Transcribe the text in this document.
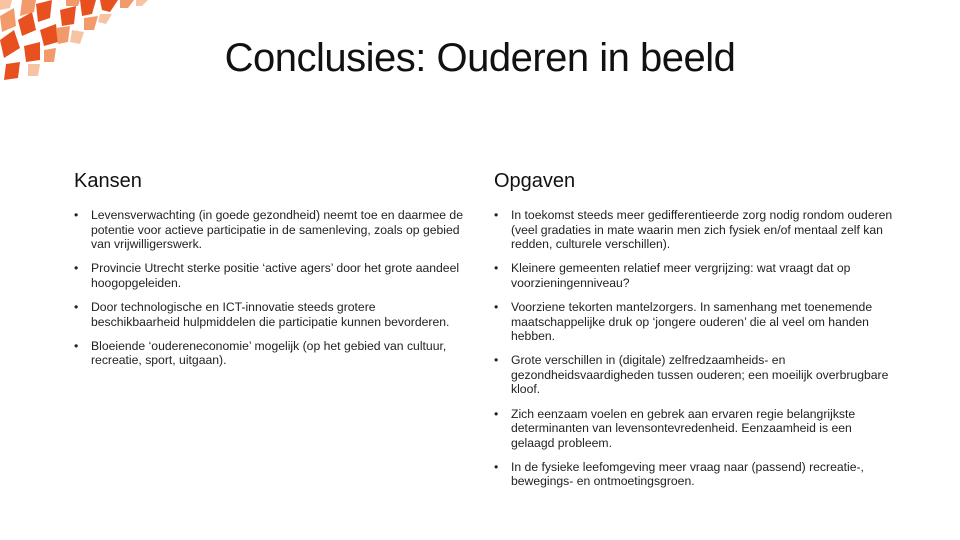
Conclusies: Ouderen in beeld
Kansen
• Levensverwachting (in goede gezondheid) neemt toe en daarmee de potentie voor actieve participatie in de samenleving, zoals op gebied van vrijwilligerswerk.
• Provincie Utrecht sterke positie ‘active agers’ door het grote aandeel hoogopgeleiden.
• Door technologische en ICT-innovatie steeds grotere beschikbaarheid hulpmiddelen die participatie kunnen bevorderen.
• Bloeiende ‘oudereneconomie’ mogelijk (op het gebied van cultuur, recreatie, sport, uitgaan).
Opgaven
• In toekomst steeds meer gedifferentieerde zorg nodig rondom ouderen (veel gradaties in mate waarin men zich fysiek en/of mentaal zelf kan redden, culturele verschillen).
• Kleinere gemeenten relatief meer vergrijzing: wat vraagt dat op voorzieningenniveau?
• Voorziene tekorten mantelzorgers. In samenhang met toenemende maatschappelijke druk op ‘jongere ouderen’ die al veel om handen hebben.
• Grote verschillen in (digitale) zelfredzaamheids- en gezondheidsvaardigheden tussen ouderen; een moeilijk overbrugbare kloof.
• Zich eenzaam voelen en gebrek aan ervaren regie belangrijkste determinanten van levensontevredenheid. Eenzaamheid is een gelaagd probleem.
• In de fysieke leefomgeving meer vraag naar (passend) recreatie-, bewegings- en ontmoetingsgroen.
